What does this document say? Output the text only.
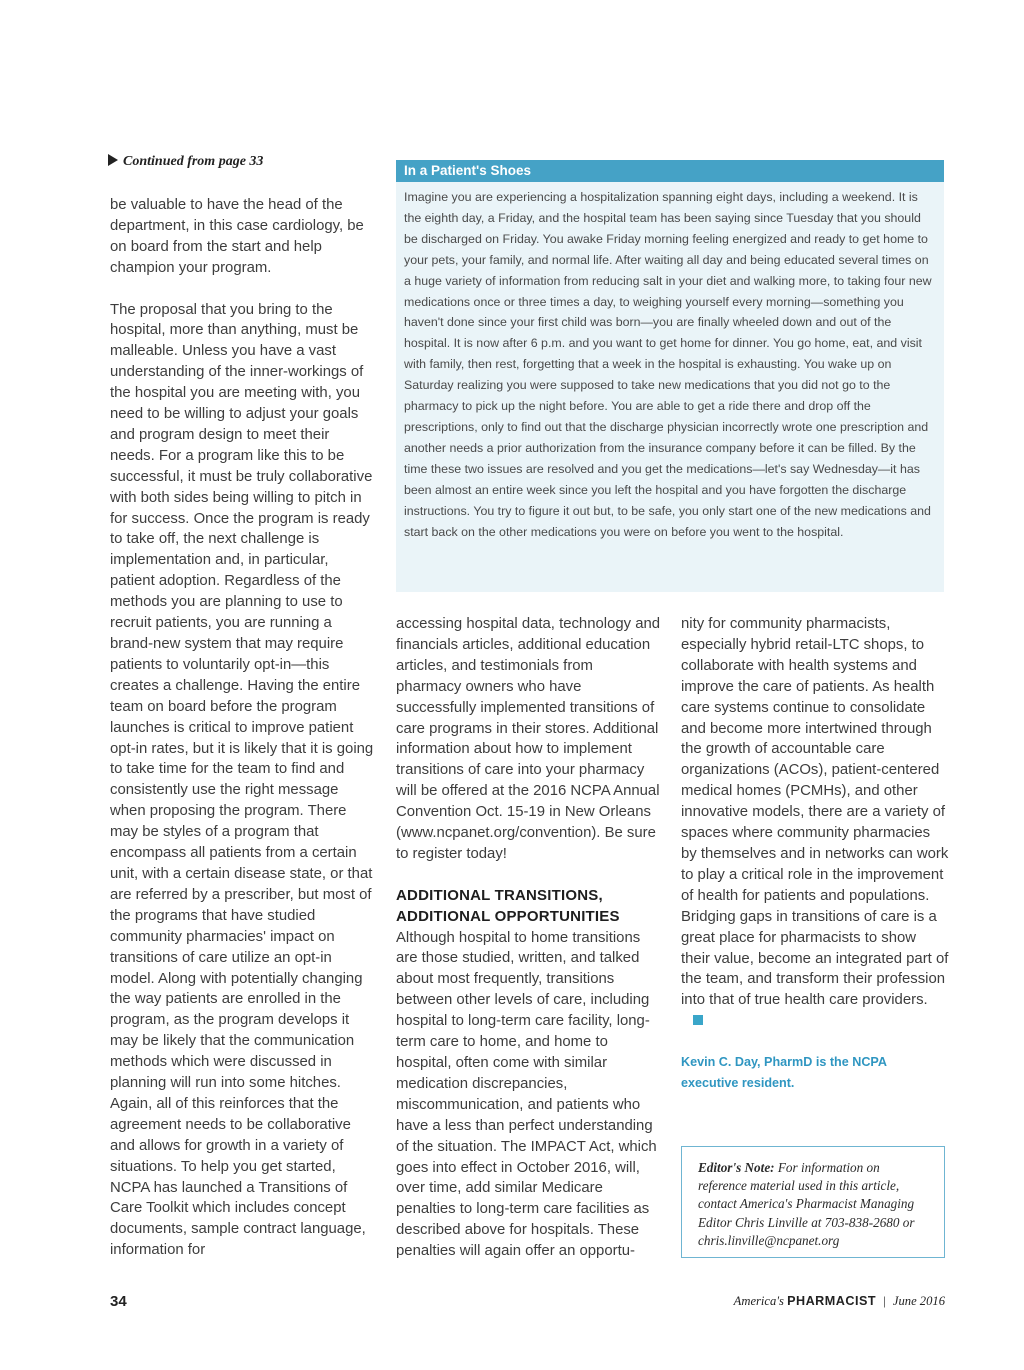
Continued from page 33
In a Patient's Shoes
Imagine you are experiencing a hospitalization spanning eight days, including a weekend. It is the eighth day, a Friday, and the hospital team has been saying since Tuesday that you should be discharged on Friday. You awake Friday morning feeling energized and ready to get home to your pets, your family, and normal life. After waiting all day and being educated several times on a huge variety of information from reducing salt in your diet and walking more, to taking four new medications once or three times a day, to weighing yourself every morning—something you haven't done since your first child was born—you are finally wheeled down and out of the hospital. It is now after 6 p.m. and you want to get home for dinner. You go home, eat, and visit with family, then rest, forgetting that a week in the hospital is exhausting. You wake up on Saturday realizing you were supposed to take new medications that you did not go to the pharmacy to pick up the night before. You are able to get a ride there and drop off the prescriptions, only to find out that the discharge physician incorrectly wrote one prescription and another needs a prior authorization from the insurance company before it can be filled. By the time these two issues are resolved and you get the medications—let's say Wednesday—it has been almost an entire week since you left the hospital and you have forgotten the discharge instructions. You try to figure it out but, to be safe, you only start one of the new medications and start back on the other medications you were on before you went to the hospital.

be valuable to have the head of the department, in this case cardiology, be on board from the start and help champion your program.

The proposal that you bring to the hospital, more than anything, must be malleable. Unless you have a vast understanding of the inner-workings of the hospital you are meeting with, you need to be willing to adjust your goals and program design to meet their needs. For a program like this to be successful, it must be truly collaborative with both sides being willing to pitch in for success. Once the program is ready to take off, the next challenge is implementation and, in particular, patient adoption. Regardless of the methods you are planning to use to recruit patients, you are running a brand-new system that may require patients to voluntarily opt-in—this creates a challenge. Having the entire team on board before the program launches is critical to improve patient opt-in rates, but it is likely that it is going to take time for the team to find and consistently use the right message when proposing the program. There may be styles of a program that encompass all patients from a certain unit, with a certain disease state, or that are referred by a prescriber, but most of the programs that have studied community pharmacies' impact on transitions of care utilize an opt-in model. Along with potentially changing the way patients are enrolled in the program, as the program develops it may be likely that the communication methods which were discussed in planning will run into some hitches. Again, all of this reinforces that the agreement needs to be collaborative and allows for growth in a variety of situations. To help you get started, NCPA has launched a Transitions of Care Toolkit which includes concept documents, sample contract language, information for

accessing hospital data, technology and financials articles, additional education articles, and testimonials from pharmacy owners who have successfully implemented transitions of care programs in their stores. Additional information about how to implement transitions of care into your pharmacy will be offered at the 2016 NCPA Annual Convention Oct. 15-19 in New Orleans (www.ncpanet.org/convention). Be sure to register today!

ADDITIONAL TRANSITIONS,
ADDITIONAL OPPORTUNITIES

Although hospital to home transitions are those studied, written, and talked about most frequently, transitions between other levels of care, including hospital to long-term care facility, long-term care to home, and home to hospital, often come with similar medication discrepancies, miscommunication, and patients who have a less than perfect understanding of the situation. The IMPACT Act, which goes into effect in October 2016, will, over time, add similar Medicare penalties to long-term care facilities as described above for hospitals. These penalties will again offer an opportu-

nity for community pharmacists, especially hybrid retail-LTC shops, to collaborate with health systems and improve the care of patients. As health care systems continue to consolidate and become more intertwined through the growth of accountable care organizations (ACOs), patient-centered medical homes (PCMHs), and other innovative models, there are a variety of spaces where community pharmacies by themselves and in networks can work to play a critical role in the improvement of health for patients and populations. Bridging gaps in transitions of care is a great place for pharmacists to show their value, become an integrated part of the team, and transform their profession into that of true health care providers.

Kevin C. Day, PharmD is the NCPA
executive resident.
Editor's Note: For information on reference material used in this article, contact America's Pharmacist Managing Editor Chris Linville at 703-838-2680 or chris.linville@ncpanet.org
34	America's PHARMACIST | June 2016
